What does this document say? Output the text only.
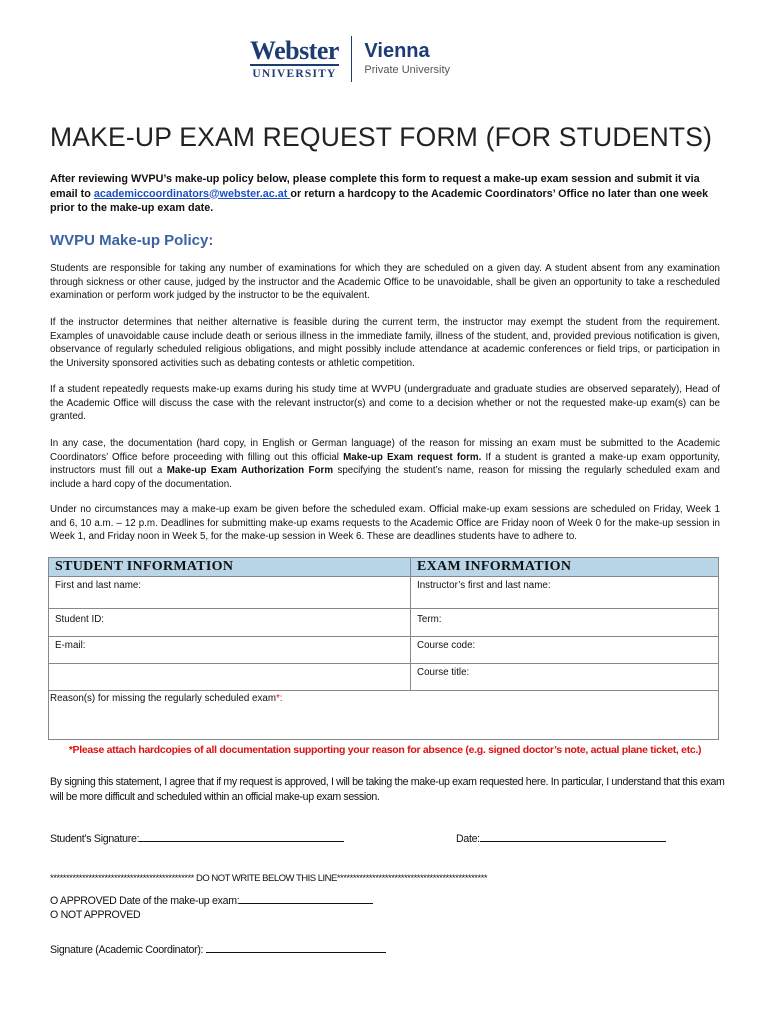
Webster
UNIVERSITY
Vienna
Private University
MAKE-UP EXAM REQUEST FORM (FOR STUDENTS)
After reviewing WVPU’s make-up policy below, please complete this form to request a make-up exam session and submit it via email to academiccoordinators@webster.ac.at or return a hardcopy to the Academic Coordinators’ Office no later than one week prior to the make-up exam date.
WVPU Make-up Policy:
Students are responsible for taking any number of examinations for which they are scheduled on a given day. A student absent from any examination through sickness or other cause, judged by the instructor and the Academic Office to be unavoidable, shall be given an opportunity to take a rescheduled examination or perform work judged by the instructor to be the equivalent.
If the instructor determines that neither alternative is feasible during the current term, the instructor may exempt the student from the requirement. Examples of unavoidable cause include death or serious illness in the immediate family, illness of the student, and, provided previous notification is given, observance of regularly scheduled religious obligations, and might possibly include attendance at academic conferences or field trips, or participation in the University sponsored activities such as debating contests or athletic competition.
If a student repeatedly requests make-up exams during his study time at WVPU (undergraduate and graduate studies are observed separately), Head of the Academic Office will discuss the case with the relevant instructor(s) and come to a decision whether or not the requested make-up exam(s) can be granted.
In any case, the documentation (hard copy, in English or German language) of the reason for missing an exam must be submitted to the Academic Coordinators’ Office before proceeding with filling out this official Make-up Exam request form. If a student is granted a make-up exam opportunity, instructors must fill out a Make-up Exam Authorization Form specifying the student’s name, reason for missing the regularly scheduled exam and include a hard copy of the documentation.
Under no circumstances may a make-up exam be given before the scheduled exam. Official make-up exam sessions are scheduled on Friday, Week 1 and 6, 10 a.m. – 12 p.m. Deadlines for submitting make-up exams requests to the Academic Office are Friday noon of Week 0 for the make-up session in Week 1, and Friday noon in Week 5, for the make-up session in Week 6. These are deadlines students have to adhere to.
STUDENT INFORMATION	EXAM INFORMATION

First and last name:	Instructor’s first and last name:

Student ID:	Term:

E-mail:	Course code:

	Course title:

Reason(s) for missing the regularly scheduled exam*:	
*Please attach hardcopies of all documentation supporting your reason for absence (e.g. signed doctor’s note, actual plane ticket, etc.)
By signing this statement, I agree that if my request is approved, I will be taking the make-up exam requested here. In particular, I understand that this exam will be more difficult and scheduled within an official make-up exam session.
Student’s Signature:	Date:
********************************************* DO NOT WRITE BELOW THIS LINE***********************************************
O APPROVED Date of the make-up exam:
O NOT APPROVED
Signature (Academic Coordinator):
